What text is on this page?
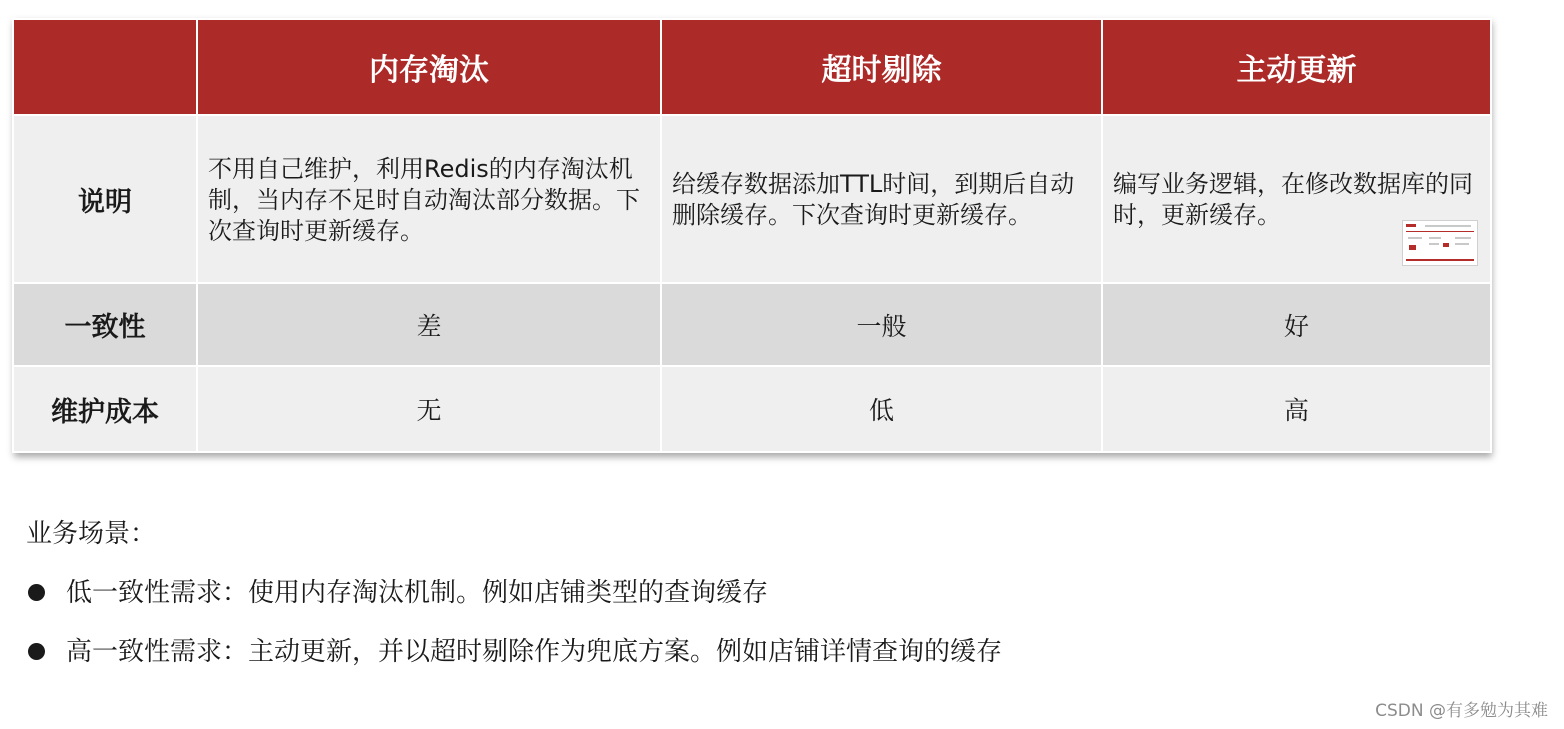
	内存淘汰	超时剔除	主动更新
说明	不用自己维护，利用Redis的内存淘汰机制，当内存不足时自动淘汰部分数据。下次查询时更新缓存。	给缓存数据添加TTL时间，到期后自动删除缓存。下次查询时更新缓存。	编写业务逻辑，在修改数据库的同时，更新缓存。

一致性	差	一般	好
维护成本	无	低	高
业务场景：
低一致性需求：使用内存淘汰机制。例如店铺类型的查询缓存
高一致性需求：主动更新，并以超时剔除作为兜底方案。例如店铺详情查询的缓存
CSDN @有多勉为其难
